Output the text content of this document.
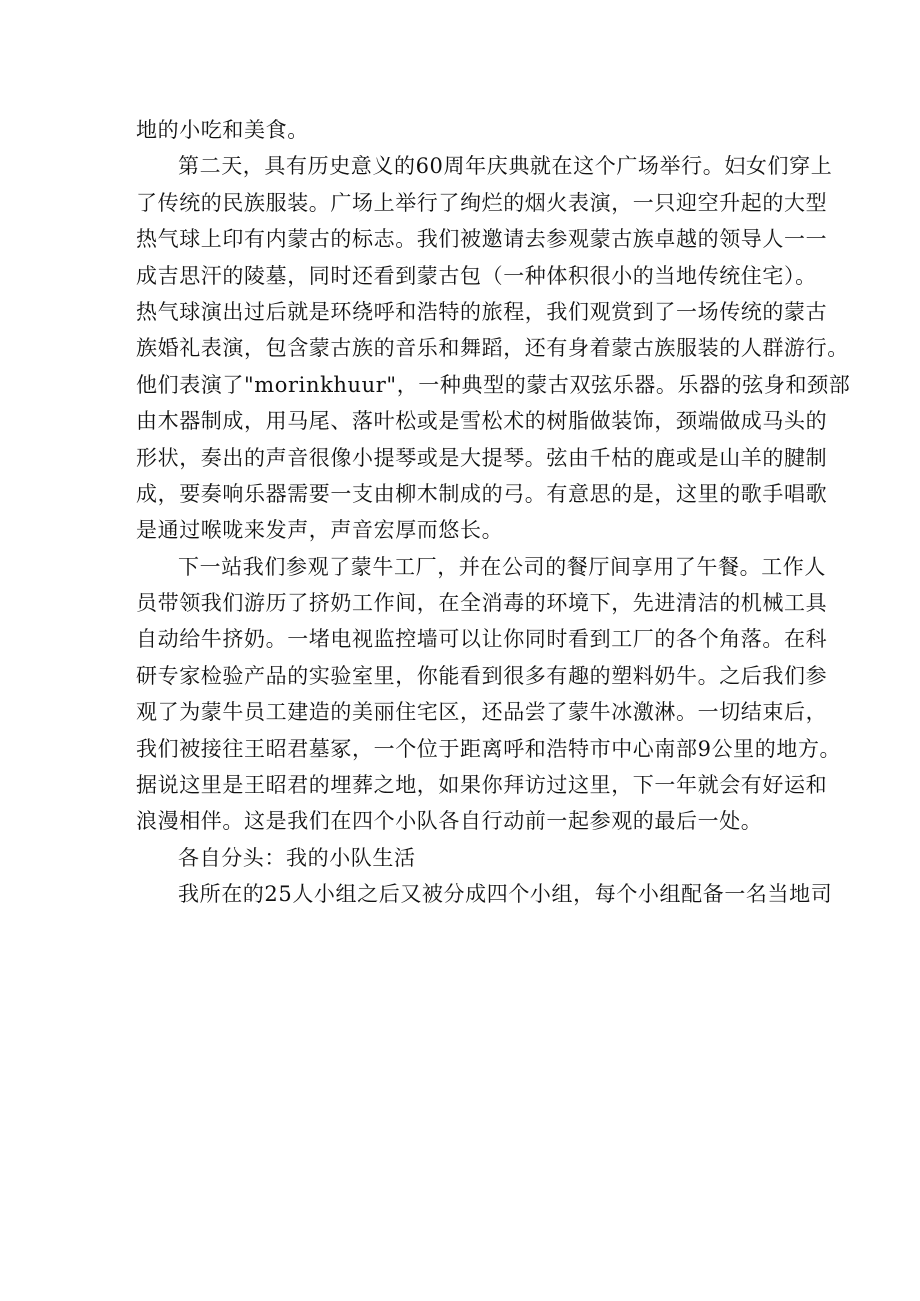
地的小吃和美食。
第二天，具有历史意义的60周年庆典就在这个广场举行。妇女们穿上
了传统的民族服装。广场上举行了绚烂的烟火表演，一只迎空升起的大型
热气球上印有内蒙古的标志。我们被邀请去参观蒙古族卓越的领导人一一
成吉思汗的陵墓，同时还看到蒙古包（一种体积很小的当地传统住宅）。
热气球演出过后就是环绕呼和浩特的旅程，我们观赏到了一场传统的蒙古
族婚礼表演，包含蒙古族的音乐和舞蹈，还有身着蒙古族服装的人群游行。
他们表演了"morinkhuur"，一种典型的蒙古双弦乐器。乐器的弦身和颈部
由木器制成，用马尾、落叶松或是雪松术的树脂做装饰，颈端做成马头的
形状，奏出的声音很像小提琴或是大提琴。弦由千枯的鹿或是山羊的腱制
成，要奏响乐器需要一支由柳木制成的弓。有意思的是，这里的歌手唱歌
是通过喉咙来发声，声音宏厚而悠长。
下一站我们参观了蒙牛工厂，并在公司的餐厅间享用了午餐。工作人
员带领我们游历了挤奶工作间，在全消毒的环境下，先进清洁的机械工具
自动给牛挤奶。一堵电视监控墙可以让你同时看到工厂的各个角落。在科
研专家检验产品的实验室里，你能看到很多有趣的塑料奶牛。之后我们参
观了为蒙牛员工建造的美丽住宅区，还品尝了蒙牛冰激淋。一切结束后，
我们被接往王昭君墓冢，一个位于距离呼和浩特市中心南部9公里的地方。
据说这里是王昭君的埋葬之地，如果你拜访过这里，下一年就会有好运和
浪漫相伴。这是我们在四个小队各自行动前一起参观的最后一处。
各自分头：我的小队生活
我所在的25人小组之后又被分成四个小组，每个小组配备一名当地司
